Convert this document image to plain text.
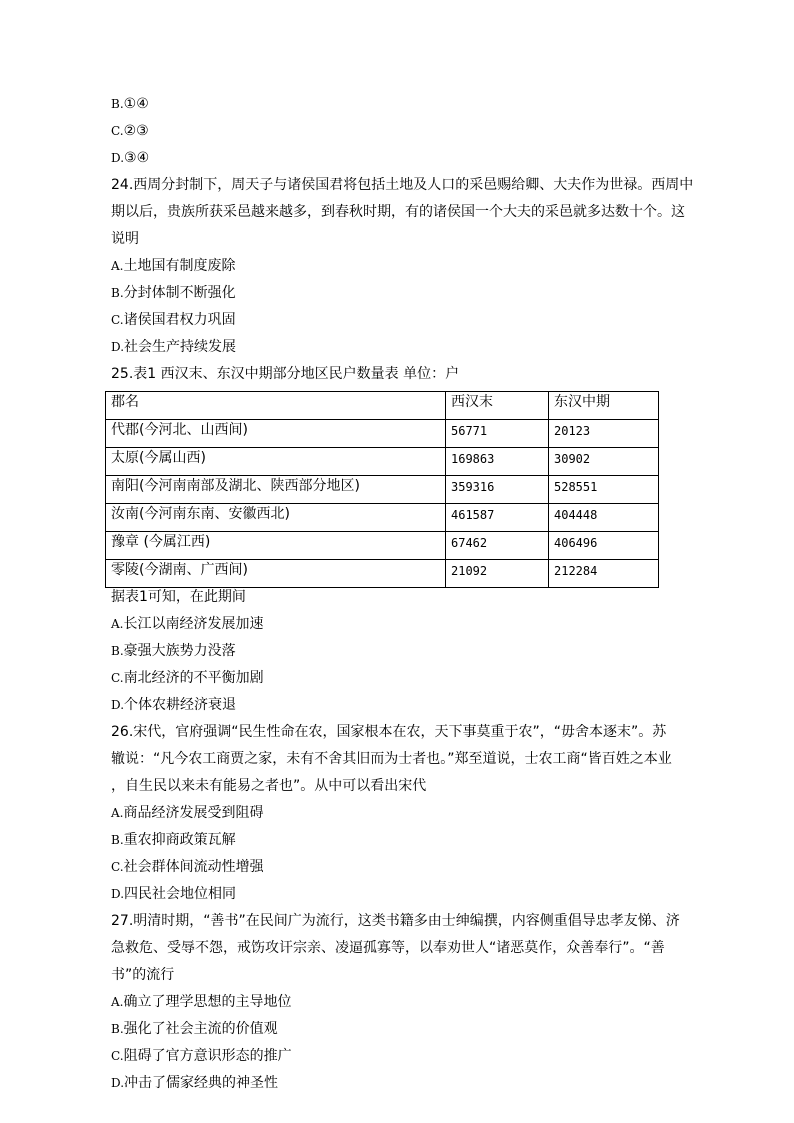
B.①④
C.②③
D.③④
24.西周分封制下，周天子与诸侯国君将包括土地及人口的采邑赐给卿、大夫作为世禄。西周中
期以后，贵族所获采邑越来越多，到春秋时期，有的诸侯国一个大夫的采邑就多达数十个。这
说明
A.土地国有制度废除
B.分封体制不断强化
C.诸侯国君权力巩固
D.社会生产持续发展
25.表1 西汉末、东汉中期部分地区民户数量表 单位：户
郡名	西汉末	东汉中期
代郡(今河北、山西间)	56771	20123
太原(今属山西)	169863	30902
南阳(今河南南部及湖北、陕西部分地区)	359316	528551
汝南(今河南东南、安徽西北)	461587	404448
豫章 (今属江西)	67462	406496
零陵(今湖南、广西间)	21092	212284
据表1可知，在此期间
A.长江以南经济发展加速
B.豪强大族势力没落
C.南北经济的不平衡加剧
D.个体农耕经济衰退
26.宋代，官府强调“民生性命在农，国家根本在农，天下事莫重于农”，“毋舍本逐末”。苏
辙说：“凡今农工商贾之家，未有不舍其旧而为士者也。”郑至道说，士农工商“皆百姓之本业
，自生民以来未有能易之者也”。从中可以看出宋代
A.商品经济发展受到阻碍
B.重农抑商政策瓦解
C.社会群体间流动性增强
D.四民社会地位相同
27.明清时期，“善书”在民间广为流行，这类书籍多由士绅编撰，内容侧重倡导忠孝友悌、济
急救危、受辱不怨，戒饬攻讦宗亲、凌逼孤寡等，以奉劝世人“诸恶莫作，众善奉行”。“善
书”的流行
A.确立了理学思想的主导地位
B.强化了社会主流的价值观
C.阻碍了官方意识形态的推广
D.冲击了儒家经典的神圣性
